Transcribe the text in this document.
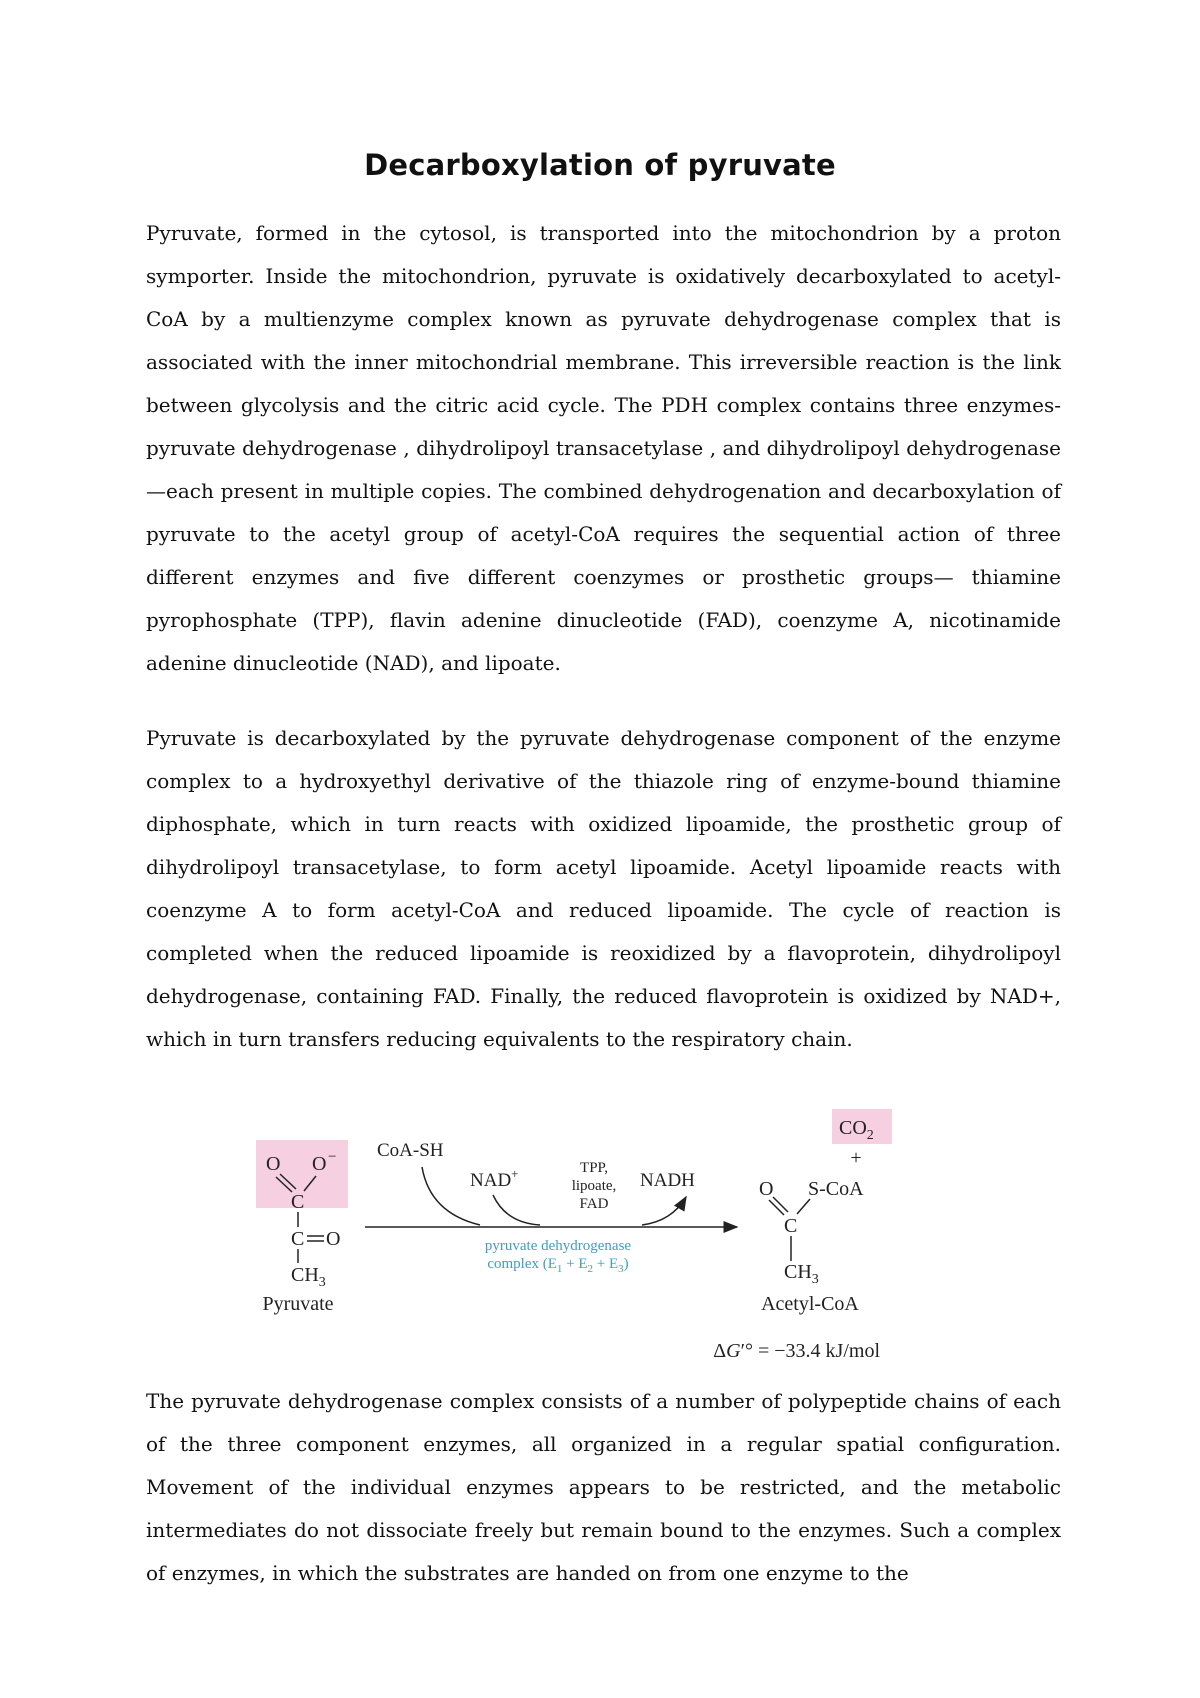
Decarboxylation of pyruvate

Pyruvate, formed in the cytosol, is transported into the mitochondrion by a proton symporter. Inside the mitochondrion, pyruvate is oxidatively decarboxylated to acetyl-CoA by a multienzyme complex known as pyruvate dehydrogenase complex that is associated with the inner mitochondrial membrane. This irreversible reaction is the link between glycolysis and the citric acid cycle. The PDH complex contains three enzymes- pyruvate dehydrogenase , dihydrolipoyl transacetylase , and dihydrolipoyl dehydrogenase —each present in multiple copies. The combined dehydrogenation and decarboxylation of pyruvate to the acetyl group of acetyl-CoA requires the sequential action of three different enzymes and five different coenzymes or prosthetic groups— thiamine pyrophosphate (TPP), flavin adenine dinucleotide (FAD), coenzyme A, nicotinamide adenine dinucleotide (NAD), and lipoate.

Pyruvate is decarboxylated by the pyruvate dehydrogenase component of the enzyme complex to a hydroxyethyl derivative of the thiazole ring of enzyme-bound thiamine diphosphate, which in turn reacts with oxidized lipoamide, the prosthetic group of dihydrolipoyl transacetylase, to form acetyl lipoamide. Acetyl lipoamide reacts with coenzyme A to form acetyl-CoA and reduced lipoamide. The cycle of reaction is completed when the reduced lipoamide is reoxidized by a flavoprotein, dihydrolipoyl dehydrogenase, containing FAD. Finally, the reduced flavoprotein is oxidized by NAD+, which in turn transfers reducing equivalents to the respiratory chain.

O O −
C
C O
$CH_3$
Pyruvate
CoA-SH
NAD+	TPP,
lipoate,
FAD
NADH
pyruvate dehydrogenase
complex $(E_1 + E_2 + E_3)$
$CO_2$
+
O S-CoA
C
$CH_3$
Acetyl-CoA
ΔG′° = −33.4 kJ/mol

The pyruvate dehydrogenase complex consists of a number of polypeptide chains of each of the three component enzymes, all organized in a regular spatial configuration. Movement of the individual enzymes appears to be restricted, and the metabolic intermediates do not dissociate freely but remain bound to the enzymes. Such a complex of enzymes, in which the substrates are handed on from one enzyme to the
